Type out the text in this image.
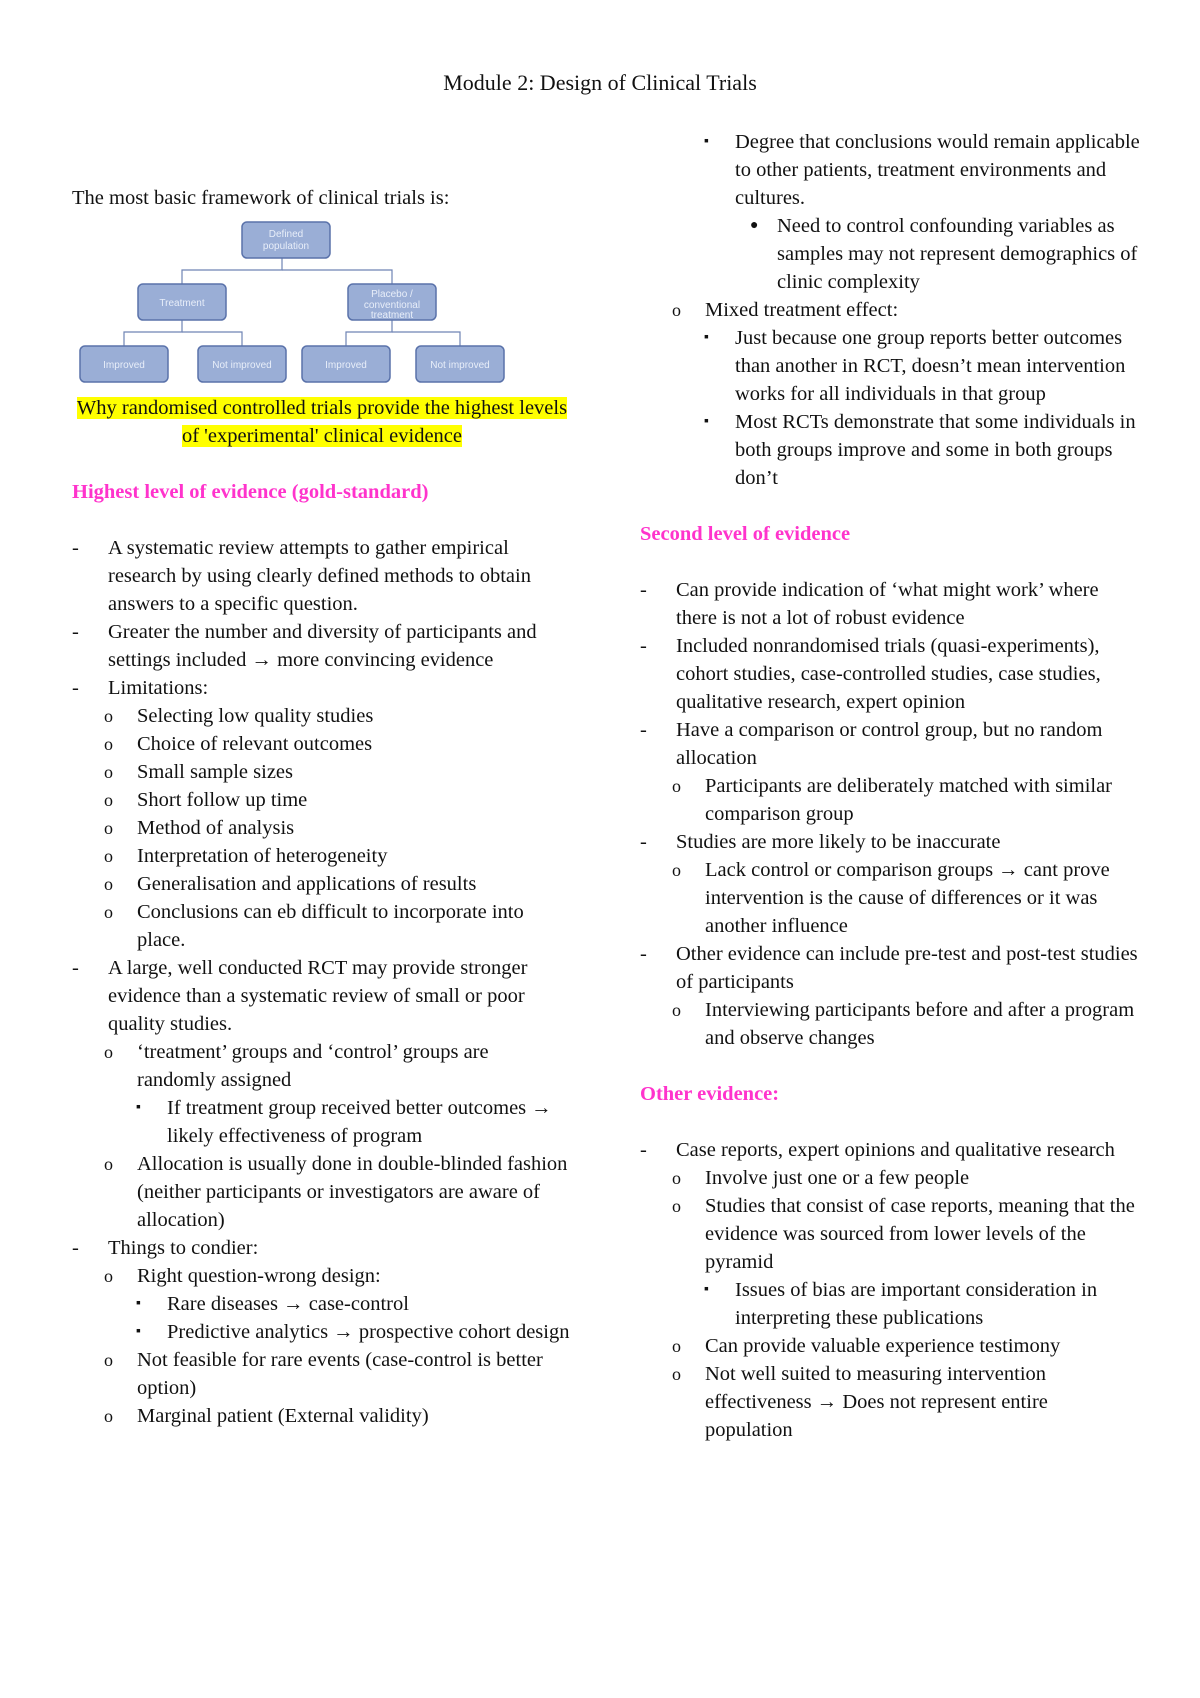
Module 2: Design of Clinical Trials

The most basic framework of clinical trials is:

Defined
population
Treatment
Placebo /
conventional
treatment
Improved	Not improved	Improved	Not improved

Why randomised controlled trials provide the highest levels of 'experimental' clinical evidence

Highest level of evidence (gold-standard)

- A systematic review attempts to gather empirical research by using clearly defined methods to obtain answers to a specific question.
- Greater the number and diversity of participants and settings included → more convincing evidence
- Limitations:
o Selecting low quality studies
o Choice of relevant outcomes
o Small sample sizes
o Short follow up time
o Method of analysis
o Interpretation of heterogeneity
o Generalisation and applications of results
o Conclusions can eb difficult to incorporate into place.
- A large, well conducted RCT may provide stronger evidence than a systematic review of small or poor quality studies.
o ‘treatment’ groups and ‘control’ groups are randomly assigned
▪ If treatment group received better outcomes → likely effectiveness of program
o Allocation is usually done in double-blinded fashion (neither participants or investigators are aware of allocation)
- Things to condier:
o Right question-wrong design:
▪ Rare diseases → case-control
▪ Predictive analytics → prospective cohort design
o Not feasible for rare events (case-control is better option)
o Marginal patient (External validity)
▪ Degree that conclusions would remain applicable to other patients, treatment environments and cultures.
● Need to control confounding variables as samples may not represent demographics of clinic complexity
o Mixed treatment effect:
▪ Just because one group reports better outcomes than another in RCT, doesn’t mean intervention works for all individuals in that group
▪ Most RCTs demonstrate that some individuals in both groups improve and some in both groups don’t

Second level of evidence

- Can provide indication of ‘what might work’ where there is not a lot of robust evidence
- Included nonrandomised trials (quasi-experiments), cohort studies, case-controlled studies, case studies, qualitative research, expert opinion
- Have a comparison or control group, but no random allocation
o Participants are deliberately matched with similar comparison group
- Studies are more likely to be inaccurate
o Lack control or comparison groups → cant prove intervention is the cause of differences or it was another influence
- Other evidence can include pre-test and post-test studies of participants
o Interviewing participants before and after a program and observe changes

Other evidence:

- Case reports, expert opinions and qualitative research
o Involve just one or a few people
o Studies that consist of case reports, meaning that the evidence was sourced from lower levels of the pyramid
▪ Issues of bias are important consideration in interpreting these publications
o Can provide valuable experience testimony
o Not well suited to measuring intervention effectiveness → Does not represent entire population
